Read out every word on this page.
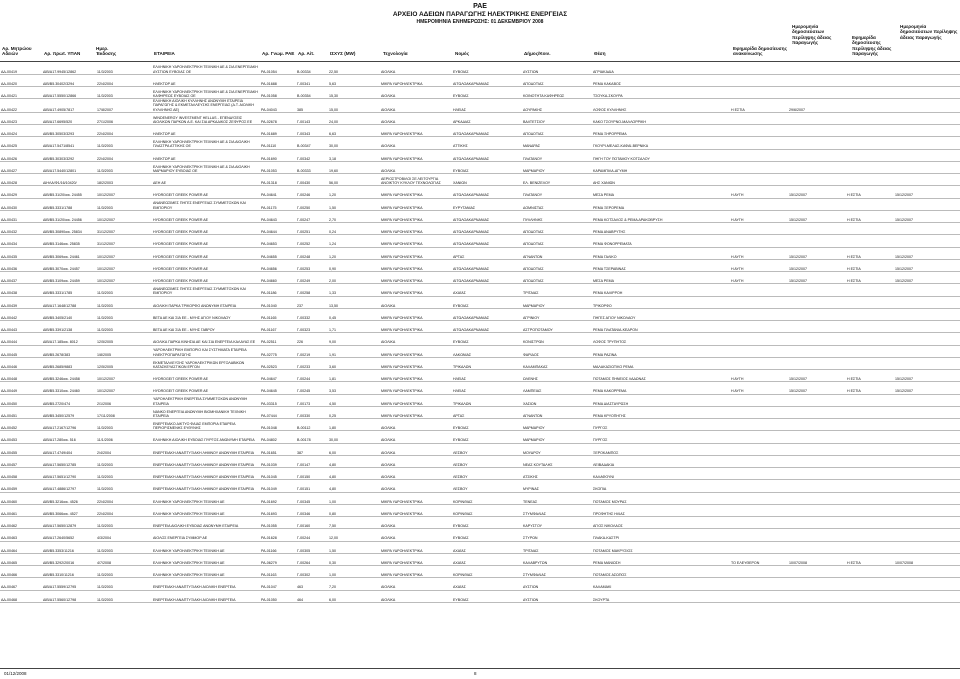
ΡΑΕ
ΑΡΧΕΙΟ ΑΔΕΙΩΝ ΠΑΡΑΓΩΓΗΣ ΗΛΕΚΤΡΙΚΗΣ ΕΝΕΡΓΕΙΑΣ
ΗΜΕΡΟΜΗΝΙΑ ΕΝΗΜΕΡΩΣΗΣ: 01 ΔΕΚΕΜΒΡΙΟΥ 2008
Αρ. Μητρώου
Αδειών	Αρ. πρωτ. ΥΠΑΝ
Ημερ.
Έκδοσης	ΕΤΑΙΡΕΙΑ	Αρ. Γνωμ. ΡΑΕ Αρ. Αίτ.	ΙΣΧΥΣ (MW)	Τεχνολογία	Νομός	Δήμος/Κοιν.	Θέση
Εφημερίδα δημοσίευσης ανακοίνωσης
Ημερομηνία δημοσιεύσεων περίληψης άδειας παραγωγής
Εφημερίδα δημοσίευσης περίληψης άδειας παραγωγής
Ημερομηνία δημοσιεύσεων περίληψης άδειας παραγωγής
ΑΔ-00419	ΔΙΒ/Α17.9945/12862	11/3/2003	ΕΛΛΗΝΙΚΗ ΥΔΡΟΗΛΕΚΤΡΙΚΗ ΤΕΧΝΙΚΗ ΑΕ & ΣΙΑ ΕΝΕΡΓΕΙΑΚΗ ΔΥΣΤΙΩΝ ΕΥΒΟΙΑΣ ΟΕ	ΡΑ-01054	Β-00334	22,50	ΑΙΟΛΙΚΑ	ΕΥΒΟΙΑΣ	ΔΥΣΤΙΩΝ	ΑΓΡΙΑΚΑΔΙΑ				
ΑΔ-00420	ΔΙΒ/Β5.30402/3294	22/4/2004	ΗΛΕΚΤΩΡ ΑΕ	ΡΑ-01688	Γ-00341	5,63	ΜΙΚΡΑ ΥΔΡΟΗΛΕΚΤΡΙΚΑ	ΑΙΤΩΛΟΑΚΑΡΝΑΝΙΑΣ	ΑΠΟΔΟΤΙΑΣ	ΡΕΜΑ ΚΑΚΑΒΟΣ				
ΑΔ-00421	ΔΙΒ/Α17.5550/12866	11/3/2003	ΕΛΛΗΝΙΚΗ ΥΔΡΟΗΛΕΚΤΡΙΚΗ ΤΕΧΝΙΚΗ ΑΕ & ΣΙΑ ΕΝΕΡΓΕΙΑΚΗ ΚΑΦΗΡΕΩΣ ΕΥΒΟΙΑΣ ΟΕ	ΡΑ-01058	Β-00354	15,30	ΑΙΟΛΙΚΑ	ΕΥΒΟΙΑΣ	ΚΟΙΝΟΤΗΤΑ ΚΑΦΗΡΕΩΣ	ΤΣΟΥΚΑ-ΣΚΟΥΡΑ				
ΑΔ-00422	ΔΙΒ/Α17.4905/7817	17/8/2007	ΕΛΛΗΝΙΚΗ ΑΙΟΛΙΚΗ ΚΥΛΛΗΝΗΣ ΑΝΩΝΥΜΗ ΕΤΑΙΡΕΙΑ ΠΑΡΑΓΩΓΗΣ & ΕΚΜΕΤΑΛΛΕΥΣΗΣ ΕΝΕΡΓΕΙΑΣ (Δ.Τ. ΑΙΟΛΙΚΗ ΚΥΛΛΗΝΗΣ ΑΕ)	ΡΑ-04043	385	15,00	ΑΙΟΛΙΚΑ	ΗΛΕΙΑΣ	ΔΟΥΡΑΚΗΣ	ΛΟΦΟΣ ΚΥΛΛΗΝΗΣ	Η ΕΣΤΙΑ	29/6/2007		
ΑΔ-00423	ΔΙΒ/Α17.6695/520	27/1/2006	WINDENERGY INVESTMENT HELLAS - ΕΠΕΝΔΥΣΕΙΣ ΑΙΟΛΙΚΩΝ ΠΑΡΚΩΝ Α.Ε. ΚΑΙ ΣΙΑ ΑΡΚΑΔΙΚΟΣ ΖΕΦΥΡΟΣ ΕΕ	ΡΑ-02678	Γ-00143	24,00	ΑΙΟΛΙΚΑ	ΑΡΚΑΔΙΑΣ	ΒΑΛΤΕΤΣΙΟΥ	ΚΑΚΟ ΤΣΟΥΡΝΟ-ΜΑΛΛΟΡΡΙΚΗ				
ΑΔ-00424	ΔΙΒ/Β5.30503/3293	22/4/2004	ΗΛΕΚΤΩΡ ΑΕ	ΡΑ-01689	Γ-00343	6,63	ΜΙΚΡΑ ΥΔΡΟΗΛΕΚΤΡΙΚΑ	ΑΙΤΩΛΟΑΚΑΡΝΑΝΙΑΣ	ΑΠΟΔΟΤΙΑΣ	ΡΕΜΑ ΞΗΡΟΡΡΕΜΑ				
ΑΔ-00425	ΔΙΒ/Α17.5471/8541	11/3/2003	ΕΛΛΗΝΙΚΗ ΥΔΡΟΗΛΕΚΤΡΙΚΗ ΤΕΧΝΙΚΗ ΑΕ & ΣΙΑ ΑΙΟΛΙΚΗ ΠΛΑΣΤΡΑ ΑΤΤΙΚΗΣ ΟΕ	ΡΑ-01110	Β-00347	30,00	ΑΙΟΛΙΚΑ	ΑΤΤΙΚΗΣ	ΜΑΝΔΡΑΣ	ΓΚΟΥΡΙ-ΜΕΛΑΣ-ΚΑΦΑΙ-ΒΕΡΝΙΚΑ				
ΑΔ-00426	ΔΙΒ/Β5.30303/3292	22/4/2004	ΗΛΕΚΤΩΡ ΑΕ	ΡΑ-01690	Γ-00342	3,18	ΜΙΚΡΑ ΥΔΡΟΗΛΕΚΤΡΙΚΑ	ΑΙΤΩΛΟΑΚΑΡΝΑΝΙΑΣ	ΠΛΑΤΑΝΟΥ	ΠΗΓΗ ΤΟΥ ΠΟΤΑΜΟΥ ΚΟΤΣΑΛΟΥ				
ΑΔ-00427	ΔΙΒ/Α17.5440/12801	11/3/2003	ΕΛΛΗΝΙΚΗ ΥΔΡΟΗΛΕΚΤΡΙΚΗ ΤΕΧΝΙΚΗ ΑΕ & ΣΙΑ ΑΙΟΛΙΚΗ ΜΑΡΜΑΡΙΟΥ ΕΥΒΟΙΑΣ ΟΕ	ΡΑ-01053	Β-00333	19,60	ΑΙΟΛΙΚΑ	ΕΥΒΟΙΑΣ	ΜΑΡΜΑΡΙΟΥ	ΚΑΡΑΜΠΙΛΑ-ΑΓΥΜΗ				
ΑΔ-00428	ΔΙΗΛΑ/Φ1/16/10420/	18/2/2003	ΔΕΗ ΑΕ	ΡΑ-01318	Γ-00430	56,00	ΑΕΡΙΟΣΤΡΟΒΙΛΟΙ ΣΕ ΛΕΙΤΟΥΡΓΙΑ ΑΝΟΙΚΤΟΥ ΚΥΚΛΟΥ ΤΕΧΝΟΛΟΓΙΑΣ	ΧΑΝΙΩΝ	ΕΛ. ΒΕΝΙΖΕΛΟΥ	ΑΗΣ ΧΑΝΙΩΝ				
ΑΔ-00429	ΔΙΒ/Β5.31/20/οικ. 24455	10/12/2007	HYDROGEIT GREEK POWER AE	ΡΑ-04641	Γ-00246	1,20	ΜΙΚΡΑ ΥΔΡΟΗΛΕΚΤΡΙΚΑ	ΑΙΤΩΛΟΑΚΑΡΝΑΝΙΑΣ	ΠΛΑΤΑΝΟΥ	ΜΕΣΑ ΡΕΜΑ	Η ΑΥΓΗ	15/12/2007	Η ΕΣΤΙΑ	15/12/2007
ΑΔ-00430	ΔΙΒ/Β5.3331/1788	11/3/2003	ΑΝΑΝΕΩΣΙΜΕΣ ΠΗΓΕΣ ΕΝΕΡΓΕΙΑΣ ΣΥΜΜΕΤΟΧΩΝ ΚΑΙ ΕΜΠΟΡΙΟΥ	ΡΑ-01175	Γ-00250	1,50	ΜΙΚΡΑ ΥΔΡΟΗΛΕΚΤΡΙΚΑ	ΕΥΡΥΤΑΝΙΑΣ	ΔΟΜΝΙΣΤΑΣ	ΡΕΜΑ ΞΕΡΟΡΕΜΑ				
ΑΔ-00431	ΔΙΒ/Β5.31/20/οικ. 24456	10/12/2007	HYDROGEIT GREEK POWER AE	ΡΑ-04643	Γ-00247	2,70	ΜΙΚΡΑ ΥΔΡΟΗΛΕΚΤΡΙΚΑ	ΑΙΤΩΛΟΑΚΑΡΝΑΝΙΑΣ	ΠΥΛΛΗΝΗΣ	ΡΕΜΑ ΚΟΤΣΑΛΟΣ & ΡΕΜΑ ΔΡΑΚΟΒΡΥΣΗ	Η ΑΥΓΗ	15/12/2007	Η ΕΣΤΙΑ	15/12/2007
ΑΔ-00432	ΔΙΒ/Β5.30890οικ. 25834	31/12/2007	HYDROGEIT GREEK POWER AE	ΡΑ-04644	Γ-00251	0,24	ΜΙΚΡΑ ΥΔΡΟΗΛΕΚΤΡΙΚΑ	ΑΙΤΩΛΟΑΚΑΡΝΑΝΙΑΣ	ΑΠΟΔΟΤΙΑΣ	ΡΕΜΑ ΑΝΑΒΡΥΤΗΣ				
ΑΔ-00434	ΔΙΒ/Β5.3146οικ. 25835	31/12/2007	HYDROGEIT GREEK POWER AE	ΡΑ-04653	Γ-00252	1,24	ΜΙΚΡΑ ΥΔΡΟΗΛΕΚΤΡΙΚΑ	ΑΙΤΩΛΟΑΚΑΡΝΑΝΙΑΣ	ΑΠΟΔΟΤΙΑΣ	ΡΕΜΑ ΦΟΝΟΡΡΕΜΑΤΑ				
ΑΔ-00435	ΔΙΒ/Β5.3069οικ. 24461	10/12/2007	HYDROGEIT GREEK POWER AE	ΡΑ-04655	Γ-00248	1,20	ΜΙΚΡΑ ΥΔΡΟΗΛΕΚΤΡΙΚΑ	ΑΡΤΑΣ	ΑΓΝΑΝΤΩΝ	ΡΕΜΑ ΓΑΛΙΚΟ	Η ΑΥΓΗ	15/12/2007	Η ΕΣΤΙΑ	15/12/2007
ΑΔ-00436	ΔΙΒ/Β5.3070οικ. 24457	10/12/2007	HYDROGEIT GREEK POWER AE	ΡΑ-04656	Γ-00253	0,90	ΜΙΚΡΑ ΥΔΡΟΗΛΕΚΤΡΙΚΑ	ΑΙΤΩΛΟΑΚΑΡΝΑΝΙΑΣ	ΑΠΟΔΟΤΙΑΣ	ΡΕΜΑ ΤΣΕΡΑΒΙΝΑΣ	Η ΑΥΓΗ	15/12/2007	Η ΕΣΤΙΑ	15/12/2007
ΑΔ-00437	ΔΙΒ/Β5.3109οικ. 24459	10/12/2007	HYDROGEIT GREEK POWER AE	ΡΑ-04660	Γ-00249	2,00	ΜΙΚΡΑ ΥΔΡΟΗΛΕΚΤΡΙΚΑ	ΑΙΤΩΛΟΑΚΑΡΝΑΝΙΑΣ	ΑΠΟΔΟΤΙΑΣ	ΜΕΣΑ ΡΕΜΑ	Η ΑΥΓΗ	15/12/2007	Η ΕΣΤΙΑ	15/12/2007
ΑΔ-00438	ΔΙΒ/Β5.3331/1785	11/3/2003	ΑΝΑΝΕΩΣΙΜΕΣ ΠΗΓΕΣ ΕΝΕΡΓΕΙΑΣ ΣΥΜΜΕΤΟΧΩΝ ΚΑΙ ΕΜΠΟΡΙΟΥ	ΡΑ-01186	Γ-00258	1,33	ΜΙΚΡΑ ΥΔΡΟΗΛΕΚΤΡΙΚΑ	ΑΧΑΪΑΣ	ΤΡΙΤΑΙΑΣ	ΡΕΜΑ ΚΑΛΙΡΡΟΗ				
ΑΔ-00439	ΔΙΒ/Α17.1648/12788	11/3/2003	ΑΙΟΛΙΚΗ ΠΑΡΚΑ ΤΡΙΚΟΡΦΟ ΑΝΩΝΥΜΗ ΕΤΑΙΡΕΙΑ	ΡΑ-01040	237	13,50	ΑΙΟΛΙΚΑ	ΕΥΒΟΙΑΣ	ΜΑΡΜΑΡΙΟΥ	ΤΡΙΚΟΡΦΟ				
ΑΔ-00442	ΔΙΒ/Β5.3405/2140	11/3/2003	ΒΕΤΑ ΑΕ ΚΑΙ ΣΙΑ ΕΕ - ΜΥΗΣ ΑΓΙΟΥ ΝΙΚΟΛΑΟΥ	ΡΑ-01165	Γ-00332	0,45	ΜΙΚΡΑ ΥΔΡΟΗΛΕΚΤΡΙΚΑ	ΑΙΤΩΛΟΑΚΑΡΝΑΝΙΑΣ	ΑΓΡΙΝΙΟΥ	ΠΗΓΕΣ ΑΓΙΟΥ ΝΙΚΟΛΑΟΥ				
ΑΔ-00443	ΔΙΒ/Β5.3391/2138	11/3/2003	ΒΕΤΑ ΑΕ ΚΑΙ ΣΙΑ ΕΕ - ΜΥΗΣ ΓΑΒΡΟΥ	ΡΑ-01167	Γ-00323	1,71	ΜΙΚΡΑ ΥΔΡΟΗΛΕΚΤΡΙΚΑ	ΑΙΤΩΛΟΑΚΑΡΝΑΝΙΑΣ	ΑΣΤΡΟΠΟΤΑΜΟΥ	ΡΕΜΑ ΠΛΑΤΑΝΙΑ-ΚΕΔΡΟΝ				
ΑΔ-00444	ΔΙΒ/Α17.185οικ. 8012	12/5/2005	ΑΙΟΛΙΚΑ ΠΑΡΚΑ ΚΙΝΗΣΙΑ ΑΕ ΚΑΙ ΣΙΑ ΕΝΕΡΓΕΙΑ ΚΑΛΑΥΑΣ ΕΕ	ΡΑ-02511	226	9,00	ΑΙΟΛΙΚΑ	ΕΥΒΟΙΑΣ	ΚΟΝΙΣΤΡΩΝ	ΛΟΦΟΣ ΤΡΥΠΗΤΟΣ				
ΑΔ-00445	ΔΙΒ/Β5.2678/383	1/8/2005	ΥΔΡΟΗΛΕΚΤΡΙΚΗ ΕΜΠΟΡΙΟ ΚΑΙ ΣΥΣΤΗΜΑΤΑ ΕΤΑΙΡΕΙΑ ΗΛΕΚΤΡΟΠΑΡΑΓΩΓΗΣ	ΡΑ-02775	Γ-00219	1,91	ΜΙΚΡΑ ΥΔΡΟΗΛΕΚΤΡΙΚΑ	ΛΑΚΩΝΙΑΣ	ΦΑΡΙΔΟΣ	ΡΕΜΑ ΡΑΖΙΝΑ				
ΑΔ-00446	ΔΙΒ/Β5.2685/9883	12/5/2005	ΕΚΜΕΤΑΛΛΕΥΣΗΣ ΥΔΡΟΗΛΕΚΤΡΙΚΩΝ ΕΡΓΟΛΑΒΙΚΩΝ ΚΑΤΑΣΚΕΥΑΣΤΙΚΩΝ ΕΡΓΩΝ	ΡΑ-02523	Γ-00233	3,60	ΜΙΚΡΑ ΥΔΡΟΗΛΕΚΤΡΙΚΑ	ΤΡΙΚΑΛΩΝ	ΚΑΛΑΜΠΑΚΑΣ	ΜΑΛΑΚΑΣΙΩΤΙΚΟ ΡΕΜΑ				
ΑΔ-00448	ΔΙΒ/Β5.3246οικ. 24458	10/12/2007	HYDROGEIT GREEK POWER AE	ΡΑ-04647	Γ-00244	1,81	ΜΙΚΡΑ ΥΔΡΟΗΛΕΚΤΡΙΚΑ	ΗΛΕΙΑΣ	ΩΛΕΝΗΣ	ΠΟΤΑΜΟΣ ΠΗΝΕΙΟΣ ΛΑΔΩΝΑΣ	Η ΑΥΓΗ	15/12/2007	Η ΕΣΤΙΑ	15/12/2007
ΑΔ-00449	ΔΙΒ/Β5.3310οικ. 24460	10/12/2007	HYDROGEIT GREEK POWER AE	ΡΑ-04645	Γ-00245	3,53	ΜΙΚΡΑ ΥΔΡΟΗΛΕΚΤΡΙΚΑ	ΗΛΕΙΑΣ	ΛΑΜΠΕΙΑΣ	ΡΕΜΑ ΚΑΚΟΡΡΕΜΑ	Η ΑΥΓΗ	15/12/2007	Η ΕΣΤΙΑ	15/12/2007
ΑΔ-00450	ΔΙΒ/Β5.2720/474	2/1/2006	ΥΔΡΟΗΛΕΚΤΡΙΚΗ ΕΝΕΡΓΕΙΑ ΣΥΜΜΕΤΟΧΩΝ ΑΝΩΝΥΜΗ ΕΤΑΙΡΕΙΑ	ΡΑ-03315	Γ-00173	4,50	ΜΙΚΡΑ ΥΔΡΟΗΛΕΚΤΡΙΚΑ	ΤΡΙΚΑΛΩΝ	ΧΑΣΙΩΝ	ΡΕΜΑ ΔΙΑΣΤΑΥΡΩΣΗ				
ΑΔ-00451	ΔΙΒ/Β5.3450/12579	17/11/2008	ΝΑΝΚΟ ΕΝΕΡΓΕΙΑ ΑΝΩΝΥΜΗ ΒΙΟΜΗΧΑΝΙΚΗ ΤΕΧΝΙΚΗ ΕΤΑΙΡΕΙΑ	ΡΑ-07444	Γ-00330	0,25	ΜΙΚΡΑ ΥΔΡΟΗΛΕΚΤΡΙΚΑ	ΑΡΤΑΣ	ΑΓΝΑΝΤΩΝ	ΡΕΜΑ ΚΡΥΟΠΗΓΗΣ				
ΑΔ-00452	ΔΙΒ/Α17.2167/12796	11/3/2003	ΕΝΕΡΓΕΙΑΚΟ ΔΙΚΤΥΟ ΦΑΙΑΣ ΕΜΠΟΡΙΑ ΕΤΑΙΡΕΙΑ ΠΕΡΙΟΡΙΣΜΕΝΗΣ ΕΥΘΥΝΗΣ	ΡΑ-01048	Β-00112	1,80	ΑΙΟΛΙΚΑ	ΕΥΒΟΙΑΣ	ΜΑΡΜΑΡΙΟΥ	ΠΥΡΓΟΣ				
ΑΔ-00453	ΔΙΒ/Α17.280οικ. 516	11/1/2006	ΕΛΛΗΝΙΚΗ ΑΙΟΛΙΚΗ ΕΥΒΟΙΑΣ ΠΥΡΓΟΣ ΑΝΩΝΥΜΗ ΕΤΑΙΡΕΙΑ	ΡΑ-04802	Β-00178	30,00	ΑΙΟΛΙΚΑ	ΕΥΒΟΙΑΣ	ΜΑΡΜΑΡΙΟΥ	ΠΥΡΓΟΣ				
ΑΔ-00455	ΔΙΒ/Α17.4749/404	2/4/2004	ΕΝΕΡΓΕΙΑΚΗ ΑΝΑΠΤΥΞΙΑΚΗ ΛΗΜΝΟΥ ΑΝΩΝΥΜΗ ΕΤΑΙΡΕΙΑ	ΡΑ-01651	387	6,00	ΑΙΟΛΙΚΑ	ΛΕΣΒΟΥ	ΜΟΥΔΡΟΥ	ΞΕΡΟΚΑΜΠΟΣ				
ΑΔ-00457	ΔΙΒ/Α17.5650/12785	11/3/2003	ΕΝΕΡΓΕΙΑΚΗ ΑΝΑΠΤΥΞΙΑΚΗ ΛΗΜΝΟΥ ΑΝΩΝΥΜΗ ΕΤΑΙΡΕΙΑ	ΡΑ-01039	Γ-00147	4,80	ΑΙΟΛΙΚΑ	ΛΕΣΒΟΥ	ΝΕΑΣ ΚΟΥΤΑΛΗΣ	ΛΕΙΒΑΔΑΚΙΑ				
ΑΔ-00458	ΔΙΒ/Α17.5651/12790	11/3/2003	ΕΝΕΡΓΕΙΑΚΗ ΑΝΑΠΤΥΞΙΑΚΗ ΛΗΜΝΟΥ ΑΝΩΝΥΜΗ ΕΤΑΙΡΕΙΑ	ΡΑ-01045	Γ-00150	4,80	ΑΙΟΛΙΚΑ	ΛΕΣΒΟΥ	ΑΤΣΙΚΗΣ	ΚΑΛΑΦΟΥΝΙ				
ΑΔ-00459	ΔΙΒ/Α17.4886/12797	11/3/2003	ΕΝΕΡΓΕΙΑΚΗ ΑΝΑΠΤΥΞΙΑΚΗ ΛΗΜΝΟΥ ΑΝΩΝΥΜΗ ΕΤΑΙΡΕΙΑ	ΡΑ-01049	Γ-00151	4,80	ΑΙΟΛΙΚΑ	ΛΕΣΒΟΥ	ΜΥΡΙΝΑΣ	ΣΚΟΠΙΑ				
ΑΔ-00460	ΔΙΒ/Β5.3216οικ. 4526	22/4/2004	ΕΛΛΗΝΙΚΗ ΥΔΡΟΗΛΕΚΤΡΙΚΗ ΤΕΧΝΙΚΗ ΑΕ	ΡΑ-01692	Γ-00345	1,00	ΜΙΚΡΑ ΥΔΡΟΗΛΕΚΤΡΙΚΑ	ΚΟΡΙΝΘΙΑΣ	ΤΕΝΕΑΣ	ΠΟΤΑΜΟΣ ΜΟΥΡΑΣ				
ΑΔ-00461	ΔΙΒ/Β5.3066οικ. 4527	22/4/2004	ΕΛΛΗΝΙΚΗ ΥΔΡΟΗΛΕΚΤΡΙΚΗ ΤΕΧΝΙΚΗ ΑΕ	ΡΑ-01693	Γ-00346	0,80	ΜΙΚΡΑ ΥΔΡΟΗΛΕΚΤΡΙΚΑ	ΚΟΡΙΝΘΙΑΣ	ΣΤΥΜΦΑΛΙΑΣ	ΠΡΟΦΗΤΗΣ ΗΛΙΑΣ				
ΑΔ-00462	ΔΙΒ/Α17.5650/12879	11/3/2003	ΕΝΕΡΓΕΙΑ ΑΙΟΛΙΚΗ ΕΥΒΟΙΑΣ ΑΝΩΝΥΜΗ ΕΤΑΙΡΕΙΑ	ΡΑ-01055	Γ-00160	7,50	ΑΙΟΛΙΚΑ	ΕΥΒΟΙΑΣ	ΚΑΡΥΣΤΟΥ	ΑΓΙΟΣ ΝΙΚΟΛΑΟΣ				
ΑΔ-00463	ΔΙΒ/Α17.2640/5652	4/3/2004	ΑΙΟΛΟΣ ΕΝΕΡΓΕΙΑ ΣΥΜΜΟΡ ΑΕ	ΡΑ-01628	Γ-00244	12,00	ΑΙΟΛΙΚΑ	ΕΥΒΟΙΑΣ	ΣΤΥΡΩΝ	ΠΛΑΚΑ-ΚΑΣΤΡΙ				
ΑΔ-00464	ΔΙΒ/Β5.3353/11216	11/3/2003	ΕΛΛΗΝΙΚΗ ΥΔΡΟΗΛΕΚΤΡΙΚΗ ΤΕΧΝΙΚΗ ΑΕ	ΡΑ-01166	Γ-00305	1,50	ΜΙΚΡΑ ΥΔΡΟΗΛΕΚΤΡΙΚΑ	ΑΧΑΪΑΣ	ΤΡΙΤΑΙΑΣ	ΠΟΤΑΜΟΣ ΜΑΚΡΥΣΙΟΣ				
ΑΔ-00465	ΔΙΒ/Β5.3292/20016	4/7/2008	ΕΛΛΗΝΙΚΗ ΥΔΡΟΗΛΕΚΤΡΙΚΗ ΤΕΧΝΙΚΗ ΑΕ	ΡΑ-06279	Γ-00264	0,30	ΜΙΚΡΑ ΥΔΡΟΗΛΕΚΤΡΙΚΑ	ΑΧΑΪΑΣ	ΚΑΛΑΒΡΥΤΩΝ	ΡΕΜΑ ΜΑΝΙΩΣΗ	ΤΟ ΕΛΕΥΘΕΡΟΝ	10/07/2008	Η ΕΣΤΙΑ	10/07/2008
ΑΔ-00466	ΔΙΒ/Β5.3310/11216	11/3/2003	ΕΛΛΗΝΙΚΗ ΥΔΡΟΗΛΕΚΤΡΙΚΗ ΤΕΧΝΙΚΗ ΑΕ	ΡΑ-01163	Γ-00302	1,00	ΜΙΚΡΑ ΥΔΡΟΗΛΕΚΤΡΙΚΑ	ΚΟΡΙΝΘΙΑΣ	ΣΤΥΜΦΑΛΙΑΣ	ΠΟΤΑΜΟΣ ΑΣΩΠΟΣ				
ΑΔ-00467	ΔΙΒ/Α17.5559/12795	11/3/2003	ΕΝΕΡΓΕΙΑΚΗ ΑΝΑΠΤΥΞΙΑΚΗ ΑΙΟΛΙΚΗ ΕΝΕΡΓΕΙΑ	ΡΑ-01047	463	7,20	ΑΙΟΛΙΚΑ	ΑΧΑΪΑΣ	ΔΥΣΤΙΩΝ	ΚΑΛΑΜΑΚΙ				
ΑΔ-00468	ΔΙΒ/Α17.5560/12798	11/3/2003	ΕΝΕΡΓΕΙΑΚΗ ΑΝΑΠΤΥΞΙΑΚΗ ΑΙΟΛΙΚΗ ΕΝΕΡΓΕΙΑ	ΡΑ-01050	464	6,00	ΑΙΟΛΙΚΑ	ΕΥΒΟΙΑΣ	ΔΥΣΤΙΩΝ	ΣΚΟΥΡΤΑ				
01/12/2008	8
